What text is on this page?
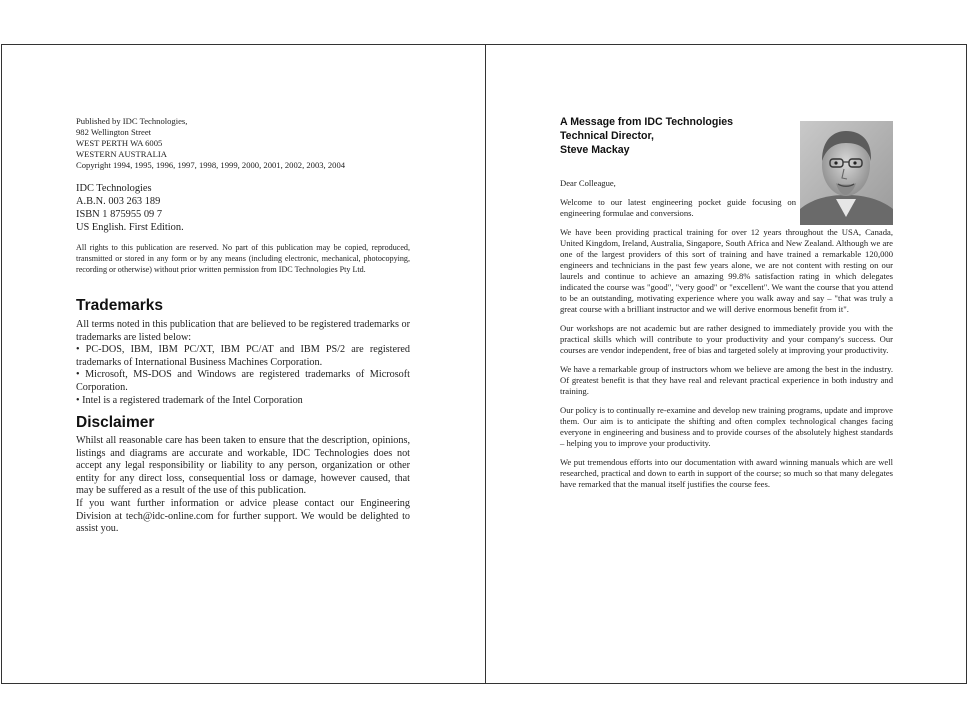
Published by IDC Technologies,
982 Wellington Street
WEST PERTH WA 6005
WESTERN AUSTRALIA
Copyright 1994, 1995, 1996, 1997, 1998, 1999, 2000, 2001, 2002, 2003, 2004
IDC Technologies
A.B.N. 003 263 189
ISBN 1 875955 09 7
US English. First Edition.
All rights to this publication are reserved. No part of this publication may be copied, reproduced, transmitted or stored in any form or by any means (including electronic, mechanical, photocopying, recording or otherwise) without prior written permission from IDC Technologies Pty Ltd.
Trademarks

All terms noted in this publication that are believed to be registered trademarks or trademarks are listed below:

• PC-DOS, IBM, IBM PC/XT, IBM PC/AT and IBM PS/2 are registered trademarks of International Business Machines Corporation.

• Microsoft, MS-DOS and Windows are registered trademarks of Microsoft Corporation.

• Intel is a registered trademark of the Intel Corporation

Disclaimer

Whilst all reasonable care has been taken to ensure that the description, opinions, listings and diagrams are accurate and workable, IDC Technologies does not accept any legal responsibility or liability to any person, organization or other entity for any direct loss, consequential loss or damage, however caused, that may be suffered as a result of the use of this publication.

If you want further information or advice please contact our Engineering Division at tech@idc-online.com for further support. We would be delighted to assist you.

A Message from IDC Technologies
Technical Director,
Steve Mackay

Dear Colleague,

Welcome to our latest engineering pocket guide focusing on engineering formulae and conversions.

We have been providing practical training for over 12 years throughout the USA, Canada, United Kingdom, Ireland, Australia, Singapore, South Africa and New Zealand. Although we are one of the largest providers of this sort of training and have trained a remarkable 120,000 engineers and technicians in the past few years alone, we are not content with resting on our laurels and continue to achieve an amazing 99.8% satisfaction rating in which delegates indicated the course was "good", "very good" or "excellent". We want the course that you attend to be an outstanding, motivating experience where you walk away and say – "that was truly a great course with a brilliant instructor and we will derive enormous benefit from it".

Our workshops are not academic but are rather designed to immediately provide you with the practical skills which will contribute to your productivity and your company's success. Our courses are vendor independent, free of bias and targeted solely at improving your productivity.

We have a remarkable group of instructors whom we believe are among the best in the industry. Of greatest benefit is that they have real and relevant practical experience in both industry and training.

Our policy is to continually re-examine and develop new training programs, update and improve them. Our aim is to anticipate the shifting and often complex technological changes facing everyone in engineering and business and to provide courses of the absolutely highest standards – helping you to improve your productivity.

We put tremendous efforts into our documentation with award winning manuals which are well researched, practical and down to earth in support of the course; so much so that many delegates have remarked that the manual itself justifies the course fees.
